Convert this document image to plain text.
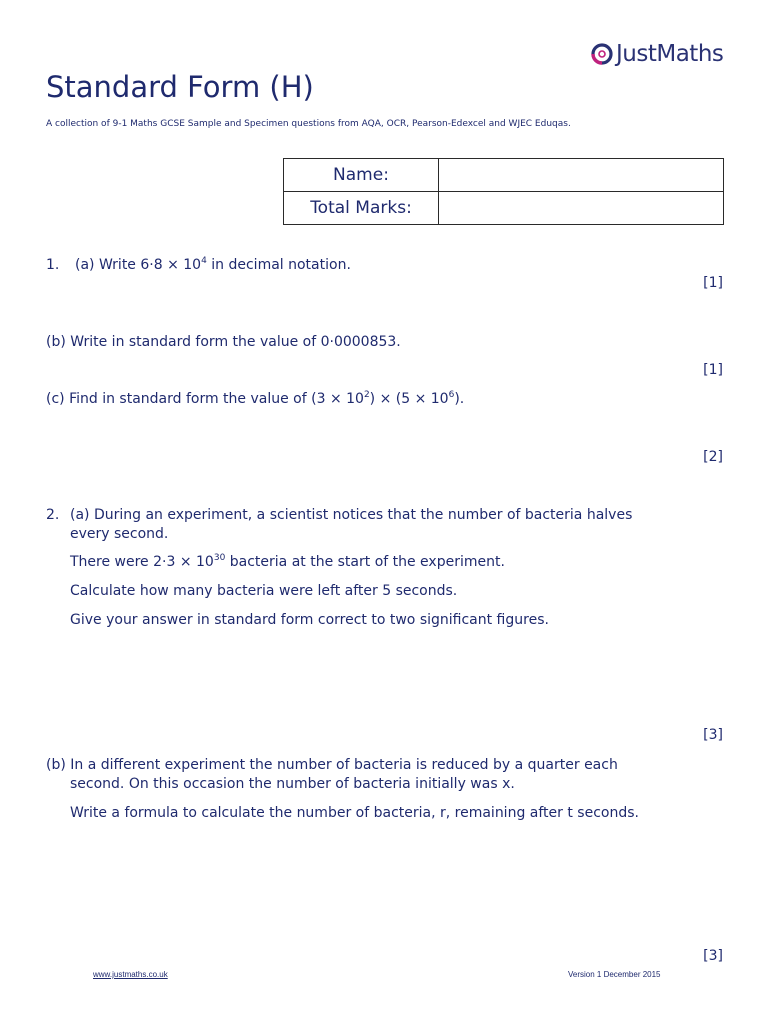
JustMaths
Standard Form (H)
A collection of 9-1 Maths GCSE Sample and Specimen questions from AQA, OCR, Pearson-Edexcel and WJEC Eduqas.
Name:	
Total Marks:	
1. (a) Write $6\cdot 8 \times 10^4$ in decimal notation.
[1]
(b) Write in standard form the value of 0·0000853.
[1]
(c) Find in standard form the value of $(3 \times 10^2) \times (5 \times 10^6)$.
[2]
2. (a) During an experiment, a scientist notices that the number of bacteria halves
every second.
There were $2\cdot 3 \times 10^{30}$ bacteria at the start of the experiment.
Calculate how many bacteria were left after 5 seconds.
Give your answer in standard form correct to two significant figures.
[3]
(b) In a different experiment the number of bacteria is reduced by a quarter each
second. On this occasion the number of bacteria initially was x.
Write a formula to calculate the number of bacteria, r, remaining after t seconds.
[3]
www.justmaths.co.uk	Version 1 December 2015
